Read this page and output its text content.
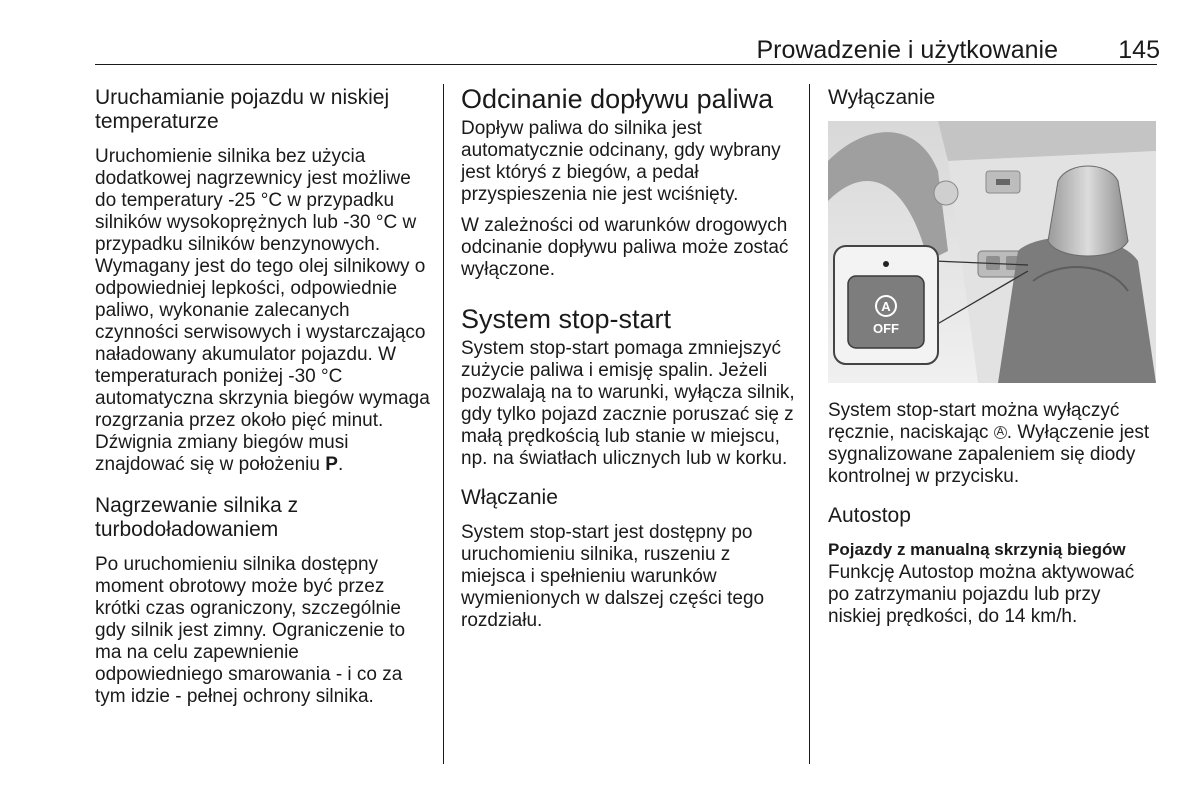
Prowadzenie i użytkowanie	145
Uruchamianie pojazdu w niskiej temperaturze

Uruchomienie silnika bez użycia dodatkowej nagrzewnicy jest możliwe do temperatury -25 °C w przypadku silników wysokoprężnych lub -30 °C w przypadku silników benzynowych. Wymagany jest do tego olej silnikowy o odpowiedniej lepkości, odpowiednie paliwo, wykonanie zalecanych czynności serwisowych i wystarczająco naładowany akumulator pojazdu. W temperaturach poniżej -30 °C automatyczna skrzynia biegów wymaga rozgrzania przez około pięć minut. Dźwignia zmiany biegów musi znajdować się w położeniu P.

Nagrzewanie silnika z turbodoładowaniem

Po uruchomieniu silnika dostępny moment obrotowy może być przez krótki czas ograniczony, szczególnie gdy silnik jest zimny. Ograniczenie to ma na celu zapewnienie odpowiedniego smarowania - i co za tym idzie - pełnej ochrony silnika.

Odcinanie dopływu paliwa

Dopływ paliwa do silnika jest automatycznie odcinany, gdy wybrany jest któryś z biegów, a pedał przyspieszenia nie jest wciśnięty.

W zależności od warunków drogowych odcinanie dopływu paliwa może zostać wyłączone.

System stop-start

System stop-start pomaga zmniejszyć zużycie paliwa i emisję spalin. Jeżeli pozwalają na to warunki, wyłącza silnik, gdy tylko pojazd zacznie poruszać się z małą prędkością lub stanie w miejscu, np. na światłach ulicznych lub w korku.

Włączanie

System stop-start jest dostępny po uruchomieniu silnika, ruszeniu z miejsca i spełnieniu warunków wymienionych w dalszej części tego rozdziału.

Wyłączanie
A
OFF

System stop-start można wyłączyć ręcznie, naciskając A . Wyłączenie jest sygnalizowane zapaleniem się diody kontrolnej w przycisku.

Autostop
Pojazdy z manualną skrzynią biegów

Funkcję Autostop można aktywować po zatrzymaniu pojazdu lub przy niskiej prędkości, do 14 km/h.
